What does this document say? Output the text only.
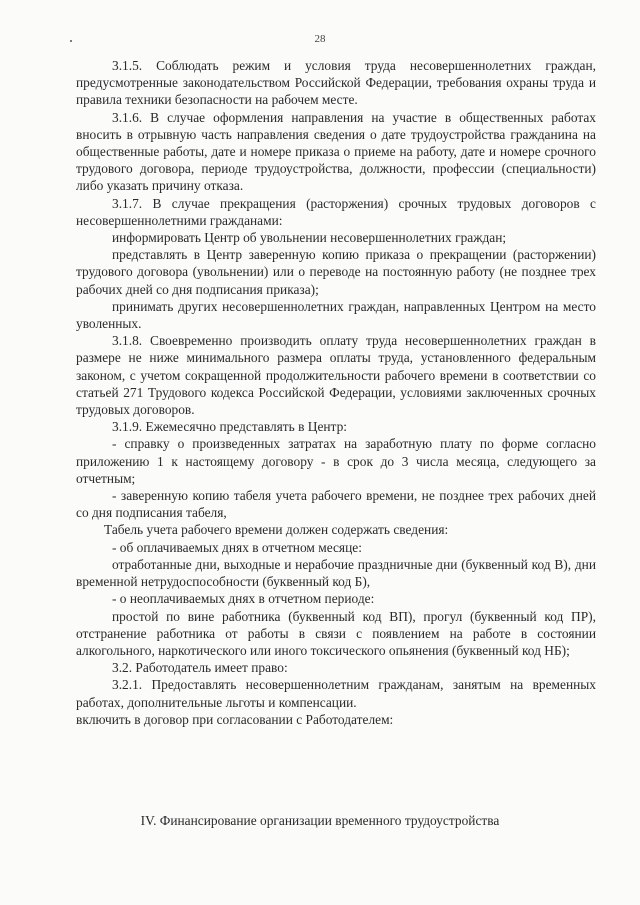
28

3.1.5. Соблюдать режим и условия труда несовершеннолетних граждан, предусмотренные законодательством Российской Федерации, требования охраны труда и правила техники безопасности на рабочем месте.

3.1.6. В случае оформления направления на участие в общественных работах вносить в отрывную часть направления сведения о дате трудоустройства гражданина на общественные работы, дате и номере приказа о приеме на работу, дате и номере срочного трудового договора, периоде трудоустройства, должности, профессии (специальности) либо указать причину отказа.

3.1.7. В случае прекращения (расторжения) срочных трудовых договоров с несовершеннолетними гражданами:

информировать Центр об увольнении несовершеннолетних граждан;

представлять в Центр заверенную копию приказа о прекращении (расторжении) трудового договора (увольнении) или о переводе на постоянную работу (не позднее трех рабочих дней со дня подписания приказа);

принимать других несовершеннолетних граждан, направленных Центром на место уволенных.

3.1.8. Своевременно производить оплату труда несовершеннолетних граждан в размере не ниже минимального размера оплаты труда, установленного федеральным законом, с учетом сокращенной продолжительности рабочего времени в соответствии со статьей 271 Трудового кодекса Российской Федерации, условиями заключенных срочных трудовых договоров.

3.1.9. Ежемесячно представлять в Центр:

- справку о произведенных затратах на заработную плату по форме согласно приложению 1 к настоящему договору - в срок до 3 числа месяца, следующего за отчетным;

- заверенную копию табеля учета рабочего времени, не позднее трех рабочих дней со дня подписания табеля,

Табель учета рабочего времени должен содержать сведения:

- об оплачиваемых днях в отчетном месяце:

отработанные дни, выходные и нерабочие праздничные дни (буквенный код В), дни временной нетрудоспособности (буквенный код Б),

- о неоплачиваемых днях в отчетном периоде:

простой по вине работника (буквенный код ВП), прогул (буквенный код ПР), отстранение работника от работы в связи с появлением на работе в состоянии алкогольного, наркотического или иного токсического опьянения (буквенный код НБ);

3.2. Работодатель имеет право:

3.2.1. Предоставлять несовершеннолетним гражданам, занятым на временных работах, дополнительные льготы и компенсации.

включить в договор при согласовании с Работодателем:

IV. Финансирование организации временного трудоустройства
